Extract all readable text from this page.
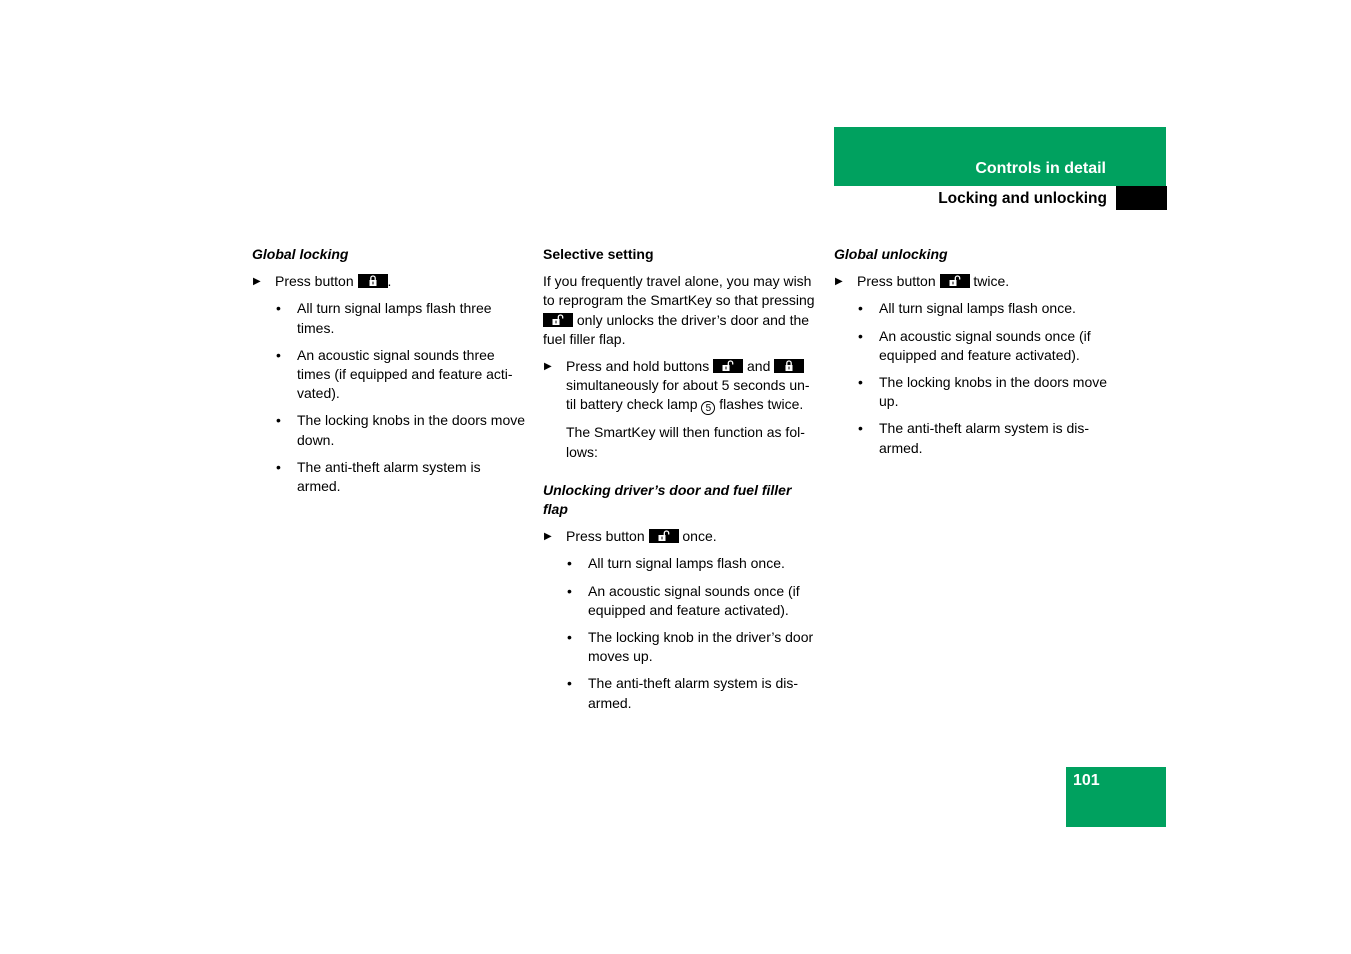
Controls in detail
Locking and unlocking
Global locking
▶ Press button .
• All turn signal lamps flash three times.
• An acoustic signal sounds three times (if equipped and feature acti-vated).
• The locking knobs in the doors move down.
• The anti-theft alarm system is armed.
Selective setting
If you frequently travel alone, you may wish to reprogram the SmartKey so that pressing
only unlocks the driver’s door and the fuel filler flap.
▶ Press and hold buttons	and
simultaneously for about 5 seconds un-til battery check lamp 5 flashes twice.
The SmartKey will then function as fol-lows:
Unlocking driver’s door and fuel filler flap
▶ Press button	once.
• All turn signal lamps flash once.
• An acoustic signal sounds once (if equipped and feature activated).
• The locking knob in the driver’s door moves up.
• The anti-theft alarm system is dis-armed.
Global unlocking
▶ Press button	twice.
• All turn signal lamps flash once.
• An acoustic signal sounds once (if equipped and feature activated).
• The locking knobs in the doors move up.
• The anti-theft alarm system is dis-armed.
101
